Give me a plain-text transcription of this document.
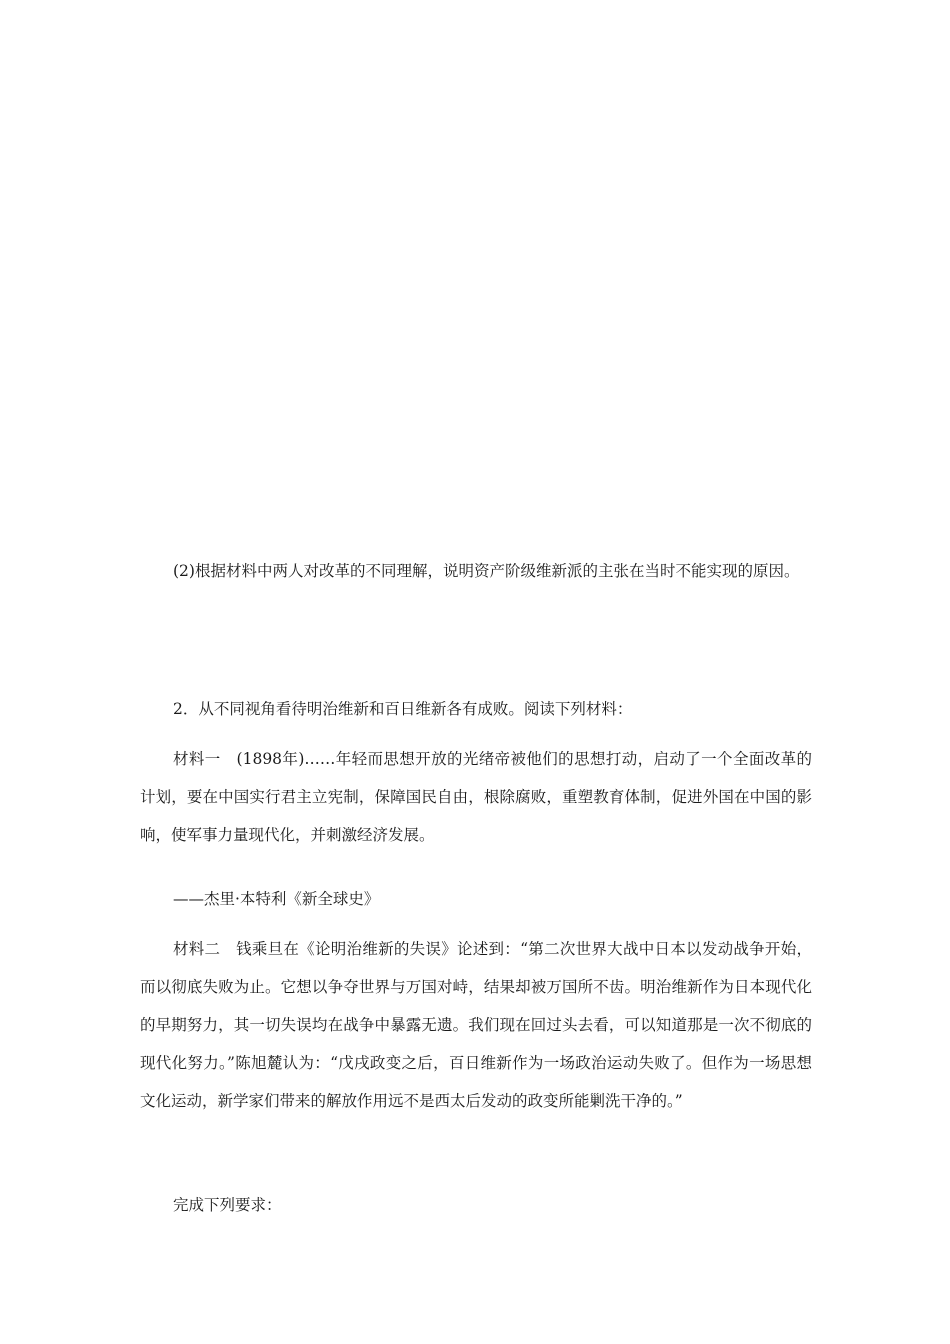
(2)根据材料中两人对改革的不同理解，说明资产阶级维新派的主张在当时不能实现的原因。

2．从不同视角看待明治维新和百日维新各有成败。阅读下列材料：

材料一　(1898年)……年轻而思想开放的光绪帝被他们的思想打动，启动了一个全面改革的计划，要在中国实行君主立宪制，保障国民自由，根除腐败，重塑教育体制，促进外国在中国的影响，使军事力量现代化，并刺激经济发展。

——杰里·本特利《新全球史》

材料二　钱乘旦在《论明治维新的失误》论述到：“第二次世界大战中日本以发动战争开始，而以彻底失败为止。它想以争夺世界与万国对峙，结果却被万国所不齿。明治维新作为日本现代化的早期努力，其一切失误均在战争中暴露无遗。我们现在回过头去看，可以知道那是一次不彻底的现代化努力。”陈旭麓认为：“戊戌政变之后，百日维新作为一场政治运动失败了。但作为一场思想文化运动，新学家们带来的解放作用远不是西太后发动的政变所能剿洗干净的。”

完成下列要求：
